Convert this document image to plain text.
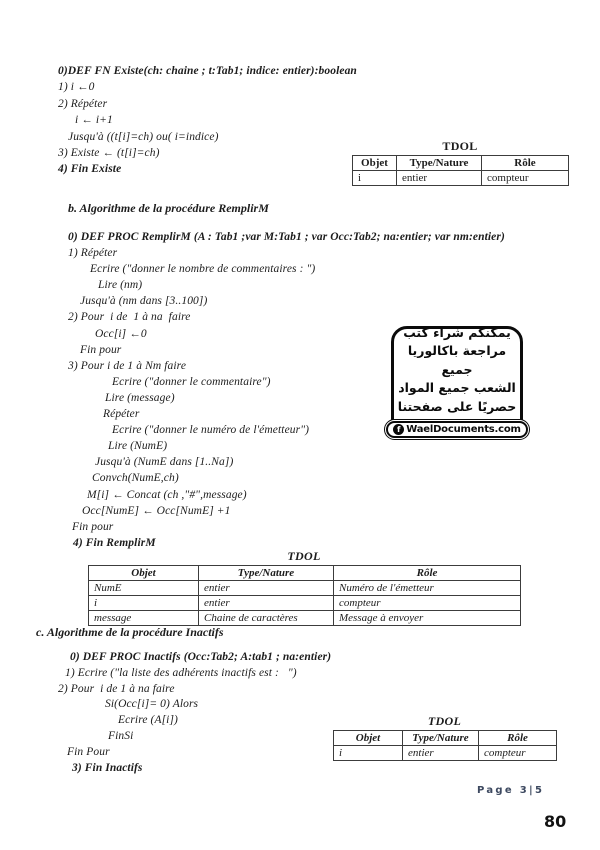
0)DEF FN Existe(ch: chaine ; t:Tab1; indice: entier):boolean
1) i ←0
2) Répéter
i ← i+1
Jusqu'à ((t[i]=ch) ou( i=indice)
3) Existe ← (t[i]=ch)
4) Fin Existe
TDOL
Objet	Type/Nature	Rôle
i	entier	compteur
b. Algorithme de la procédure RemplirM
0) DEF PROC RemplirM (A : Tab1 ;var M:Tab1 ; var Occ:Tab2; na:entier; var nm:entier)
1) Répéter
Ecrire ("donner le nombre de commentaires : ")
Lire (nm)
Jusqu'à (nm dans [3..100])
2) Pour  i de  1 à na  faire
Occ[i] ←0
Fin pour
3) Pour i de 1 à Nm faire
Ecrire ("donner le commentaire")
Lire (message)
Répéter
Ecrire ("donner le numéro de l'émetteur")
Lire (NumE)
Jusqu'à (NumE dans [1..Na])
Convch(NumE,ch)
M[i] ← Concat (ch ,"#",message)
Occ[NumE] ← Occ[NumE] +1
Fin pour
4) Fin RemplirM
يمكنكم شراء كتب
مراجعة باكالوريا جميع
الشعب جميع المواد
حصريًا على صفحتنا
f WaelDocuments.com
TDOL
Objet	Type/Nature	Rôle
NumE	entier	Numéro de l'émetteur
i	entier	compteur
message	Chaine de caractères	Message à envoyer
c. Algorithme de la procédure Inactifs
0) DEF PROC Inactifs (Occ:Tab2; A:tab1 ; na:entier)
1) Ecrire ("la liste des adhérents inactifs est :   ")
2) Pour  i de 1 à na faire
Si(Occ[i]= 0) Alors
Ecrire (A[i])
FinSi
Fin Pour
3) Fin Inactifs
TDOL
Objet	Type/Nature	Rôle
i	entier	compteur
Page 3|5
80
